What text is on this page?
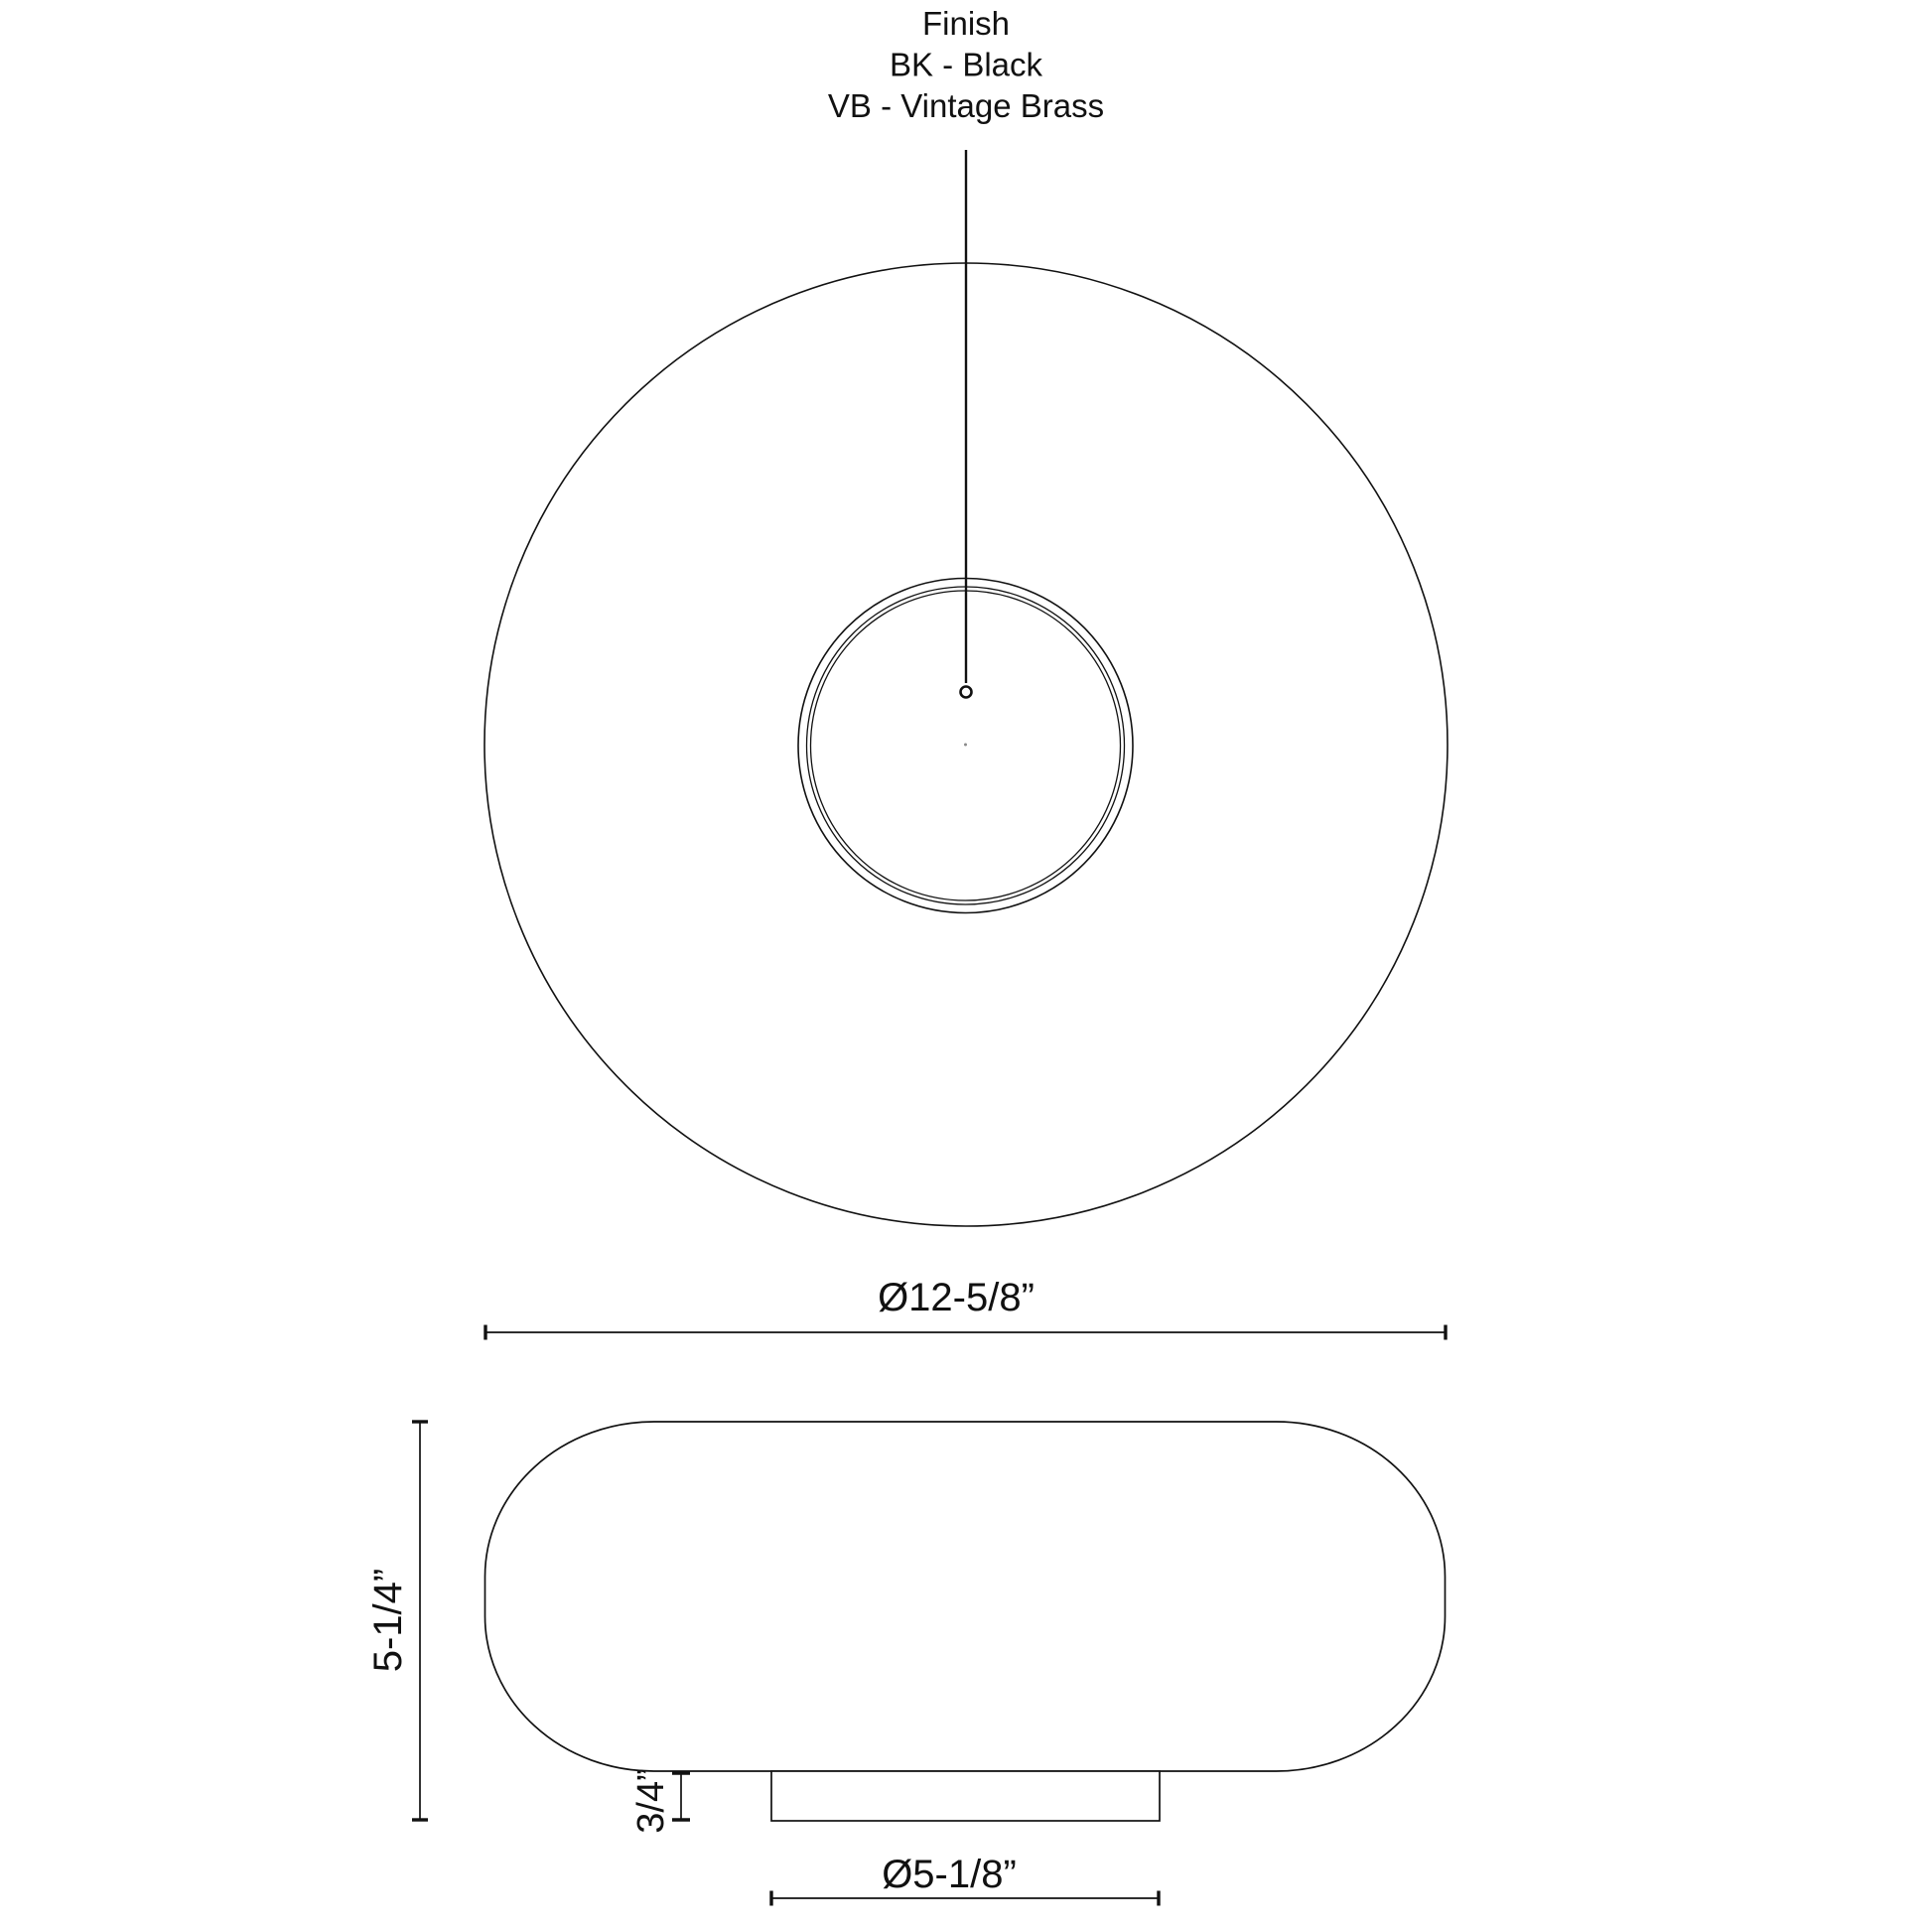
Finish
BK - Black
VB - Vintage Brass
Ø12-5/8”
5-1/4”
3/4”
Ø5-1/8”
